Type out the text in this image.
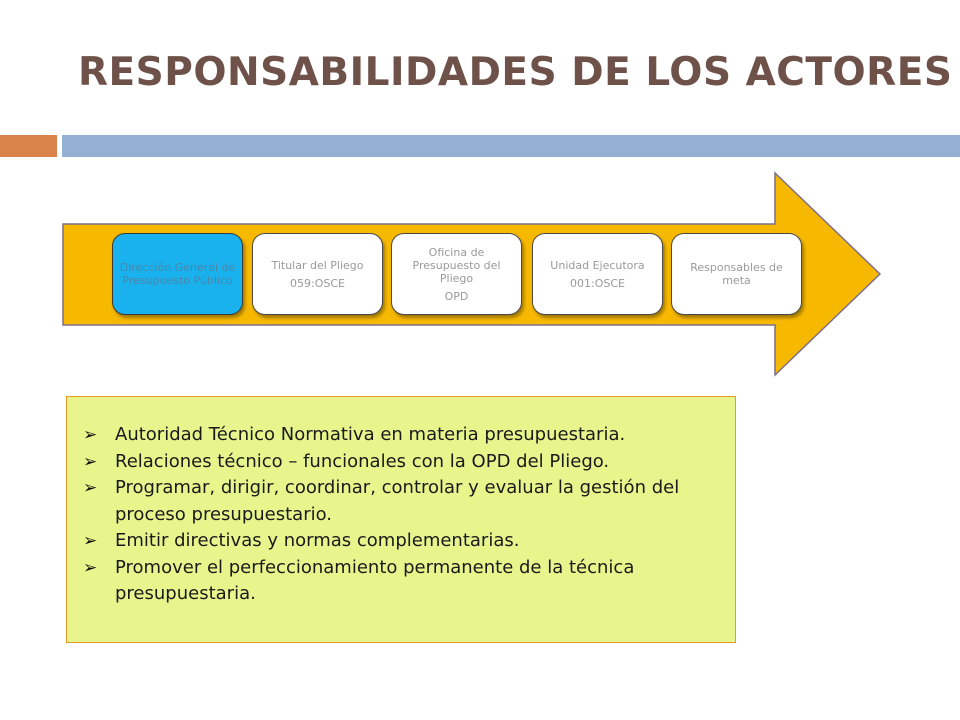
RESPONSABILIDADES DE LOS ACTORES
Dirección General de Presupuesto Público
Titular del Pliego
059:OSCE
Oficina de Presupuesto del Pliego
OPD
Unidad Ejecutora
001:OSCE
Responsables de meta
➢ Autoridad Técnico Normativa en materia presupuestaria.
➢ Relaciones técnico – funcionales con la OPD del Pliego.
➢ Programar, dirigir, coordinar, controlar y evaluar la gestión del proceso presupuestario.
➢ Emitir directivas y normas complementarias.
➢ Promover el perfeccionamiento permanente de la técnica presupuestaria.
